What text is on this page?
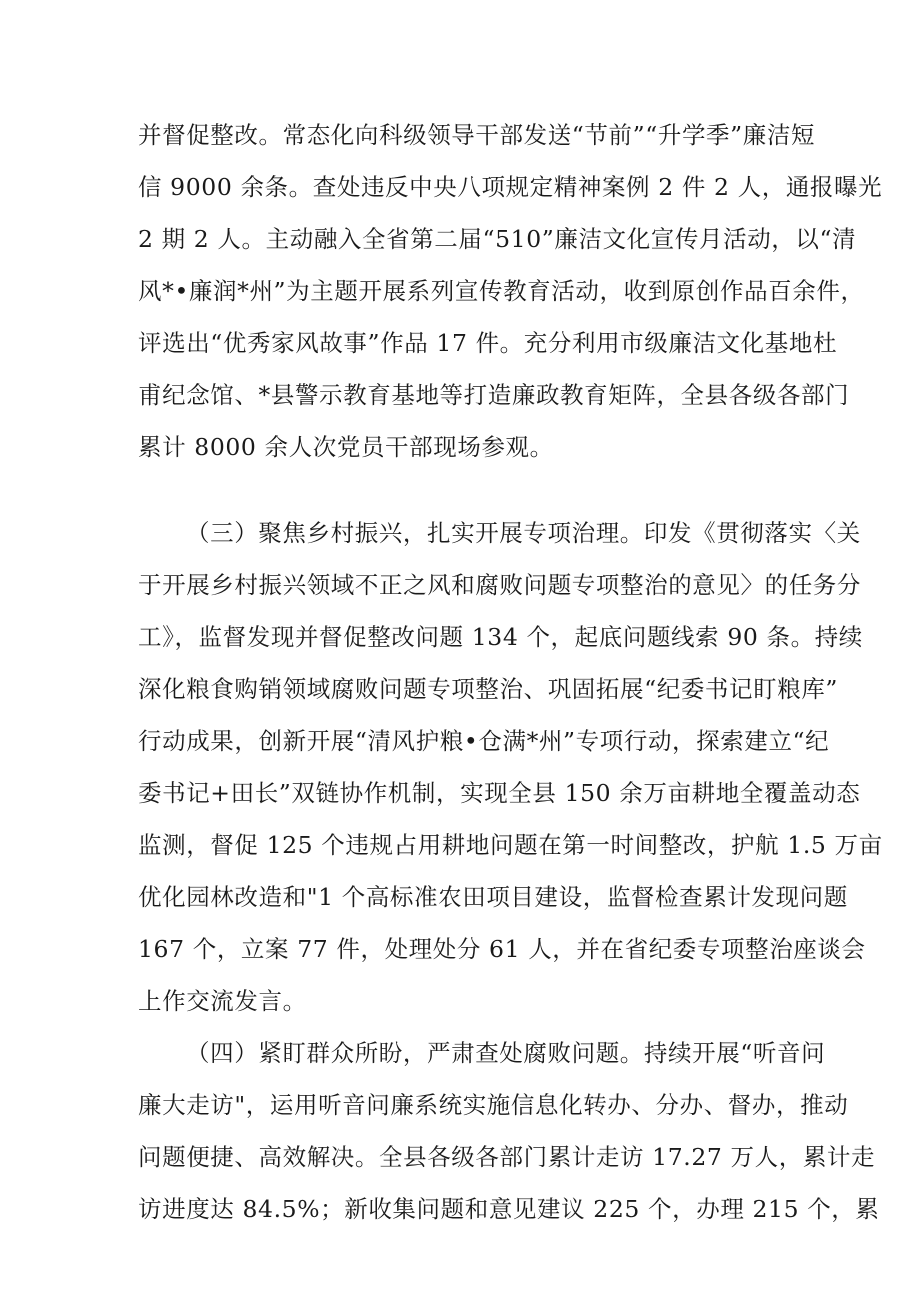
并督促整改。常态化向科级领导干部发送“节前”“升学季”廉洁短
信 9000 余条。查处违反中央八项规定精神案例 2 件 2 人，通报曝光
2 期 2 人。主动融入全省第二届“510”廉洁文化宣传月活动，以“清
风*•廉润*州”为主题开展系列宣传教育活动，收到原创作品百余件，
评选出“优秀家风故事”作品 17 件。充分利用市级廉洁文化基地杜
甫纪念馆、*县警示教育基地等打造廉政教育矩阵，全县各级各部门
累计 8000 余人次党员干部现场参观。
（三）聚焦乡村振兴，扎实开展专项治理。印发《贯彻落实〈关
于开展乡村振兴领域不正之风和腐败问题专项整治的意见〉的任务分
工》，监督发现并督促整改问题 134 个，起底问题线索 90 条。持续
深化粮食购销领域腐败问题专项整治、巩固拓展“纪委书记盯粮库”
行动成果，创新开展“清风护粮•仓满*州”专项行动，探索建立“纪
委书记+田长”双链协作机制，实现全县 150 余万亩耕地全覆盖动态
监测，督促 125 个违规占用耕地问题在第一时间整改，护航 1.5 万亩
优化园林改造和"1 个高标准农田项目建设，监督检查累计发现问题
167 个，立案 77 件，处理处分 61 人，并在省纪委专项整治座谈会
上作交流发言。
（四）紧盯群众所盼，严肃查处腐败问题。持续开展“听音问
廉大走访"，运用听音问廉系统实施信息化转办、分办、督办，推动
问题便捷、高效解决。全县各级各部门累计走访 17.27 万人，累计走
访进度达 84.5%；新收集问题和意见建议 225 个，办理 215 个，累
